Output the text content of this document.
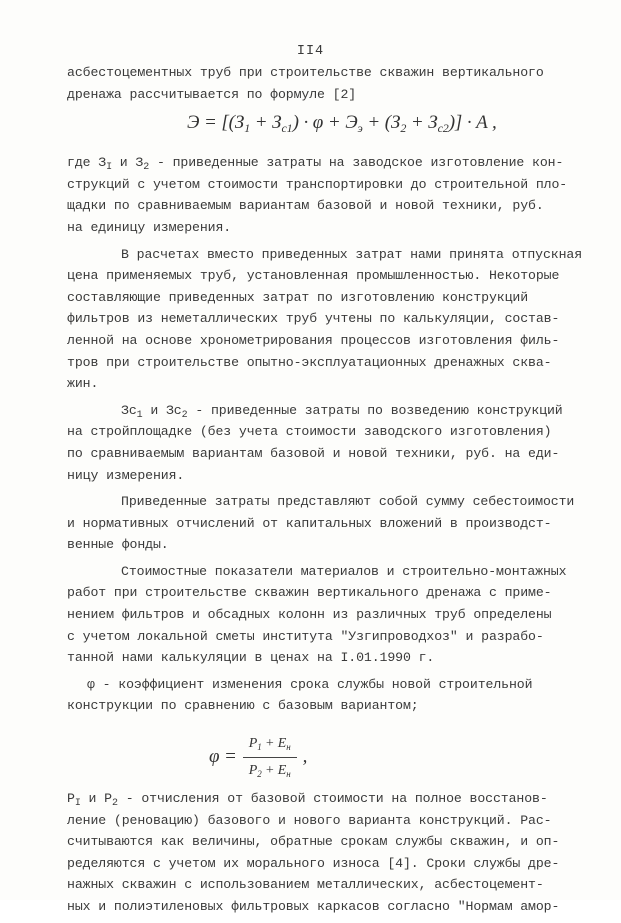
II4
асбестоцементных труб при строительстве скважин вертикального
дренажа рассчитывается по формуле [2]
$Э = [(З_1 + З_{c1}) \cdot \varphi + Э_э + (З_2 + З_{c2})] \cdot A$ ,
где $З_I$ и $З_2$ - приведенные затраты на заводское изготовление кон-
струкций с учетом стоимости транспортировки до строительной пло-
щадки по сравниваемым вариантам базовой и новой техники, руб.
на единицу измерения.
В расчетах вместо приведенных затрат нами принята отпускная
цена применяемых труб, установленная промышленностью. Некоторые
составляющие приведенных затрат по изготовлению конструкций
фильтров из неметаллических труб учтены по калькуляции, состав-
ленной на основе хронометрирования процессов изготовления филь-
тров при строительстве опытно-эксплуатационных дренажных сква-
жин.
$Зс_1$ и $Зс_2$ - приведенные затраты по возведению конструкций
на стройплощадке (без учета стоимости заводского изготовления)
по сравниваемым вариантам базовой и новой техники, руб. на еди-
ницу измерения.
Приведенные затраты представляют собой сумму себестоимости
и нормативных отчислений от капитальных вложений в производст-
венные фонды.
Стоимостные показатели материалов и строительно-монтажных
работ при строительстве скважин вертикального дренажа с приме-
нением фильтров и обсадных колонн из различных труб определены
с учетом локальной сметы института "Узгипроводхоз" и разрабо-
танной нами калькуляции в ценах на I.01.1990 г.
φ - коэффициент изменения срока службы новой строительной
конструкции по сравнению с базовым вариантом;
$\varphi = \frac{P_1 + E_н}{P_2 + E_н}$ ,
$P_I$ и $P_2$ - отчисления от базовой стоимости на полное восстанов-
ление (реновацию) базового и нового варианта конструкций. Рас-
считываются как величины, обратные срокам службы скважин, и оп-
ределяются с учетом их морального износа [4]. Сроки службы дре-
нажных скважин с использованием металлических, асбестоцемент-
ных и полиэтиленовых фильтровых каркасов согласно "Нормам амор-
